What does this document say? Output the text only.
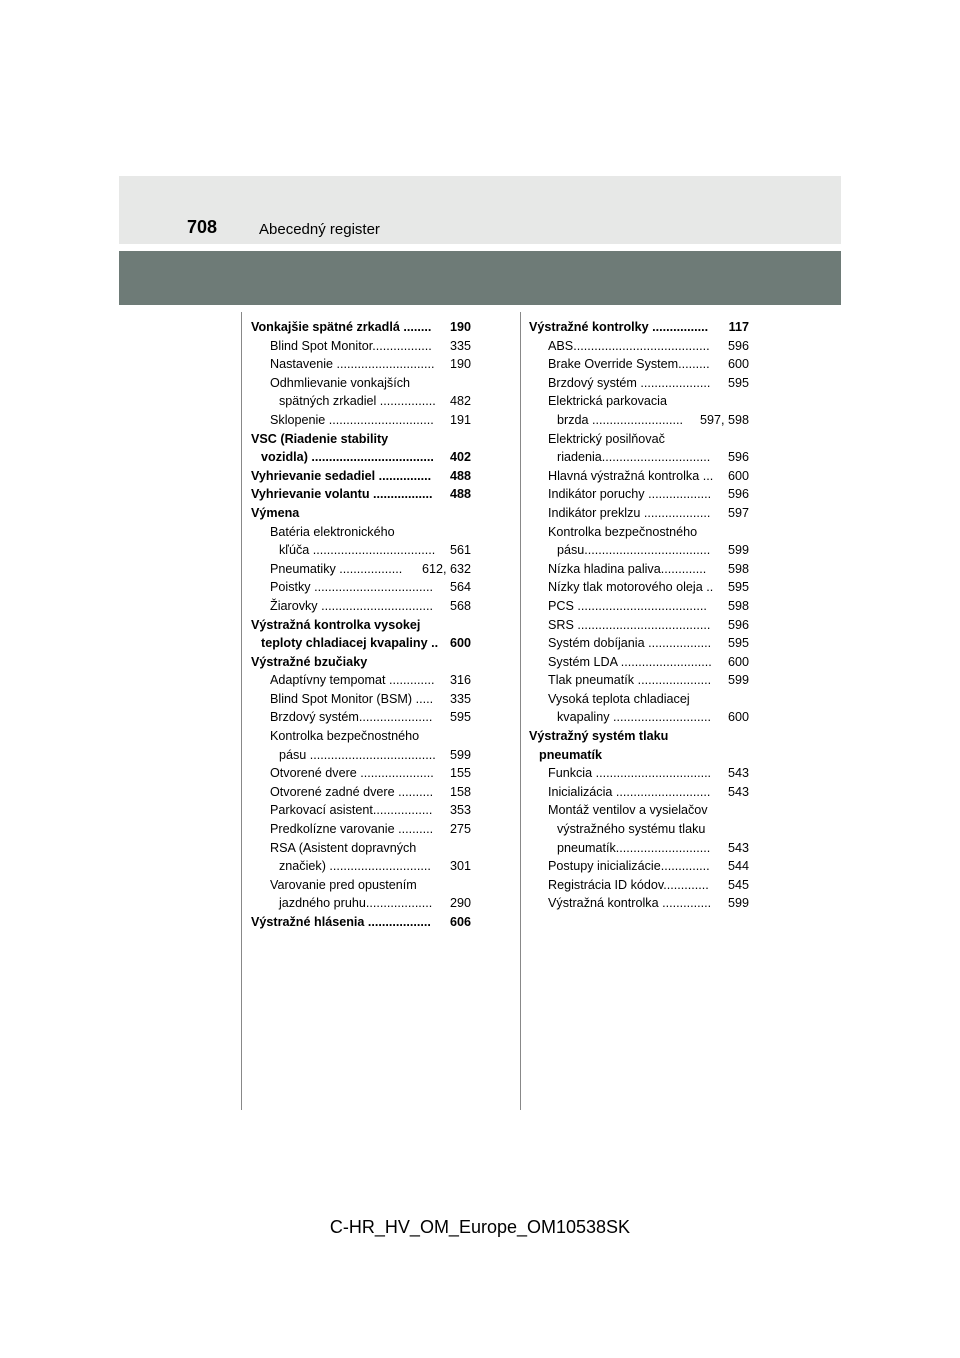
708	Abecedný register
Vonkajšie spätné zrkadlá ........ 190
Blind Spot Monitor................. 335
Nastavenie ............................ 190
Odhmlievanie vonkajších
spätných zrkadiel ................ 482
Sklopenie .............................. 191
VSC (Riadenie stability
vozidla) ................................... 402
Vyhrievanie sedadiel ............... 488
Vyhrievanie volantu ................. 488
Výmena
Batéria elektronického
kľúča ................................... 561
Pneumatiky .................. 612, 632
Poistky .................................. 564
Žiarovky ................................ 568
Výstražná kontrolka vysokej
teploty chladiacej kvapaliny .. 600
Výstražné bzučiaky
Adaptívny tempomat ............. 316
Blind Spot Monitor (BSM) ..... 335
Brzdový systém..................... 595
Kontrolka bezpečnostného
pásu .................................... 599
Otvorené dvere ..................... 155
Otvorené zadné dvere .......... 158
Parkovací asistent................. 353
Predkolízne varovanie .......... 275
RSA (Asistent dopravných
značiek) ............................. 301
Varovanie pred opustením
jazdného pruhu................... 290
Výstražné hlásenia .................. 606
Výstražné kontrolky ................ 117
ABS....................................... 596
Brake Override System......... 600
Brzdový systém .................... 595
Elektrická parkovacia
brzda .......................... 597, 598
Elektrický posilňovač
riadenia............................... 596
Hlavná výstražná kontrolka ... 600
Indikátor poruchy .................. 596
Indikátor preklzu ................... 597
Kontrolka bezpečnostného
pásu.................................... 599
Nízka hladina paliva............. 598
Nízky tlak motorového oleja .. 595
PCS ..................................... 598
SRS ...................................... 596
Systém dobíjania .................. 595
Systém LDA .......................... 600
Tlak pneumatík ..................... 599
Vysoká teplota chladiacej
kvapaliny ............................ 600
Výstražný systém tlaku
pneumatík
Funkcia ................................. 543
Inicializácia ........................... 543
Montáž ventilov a vysielačov
výstražného systému tlaku
pneumatík........................... 543
Postupy inicializácie.............. 544
Registrácia ID kódov............. 545
Výstražná kontrolka .............. 599
C-HR_HV_OM_Europe_OM10538SK
